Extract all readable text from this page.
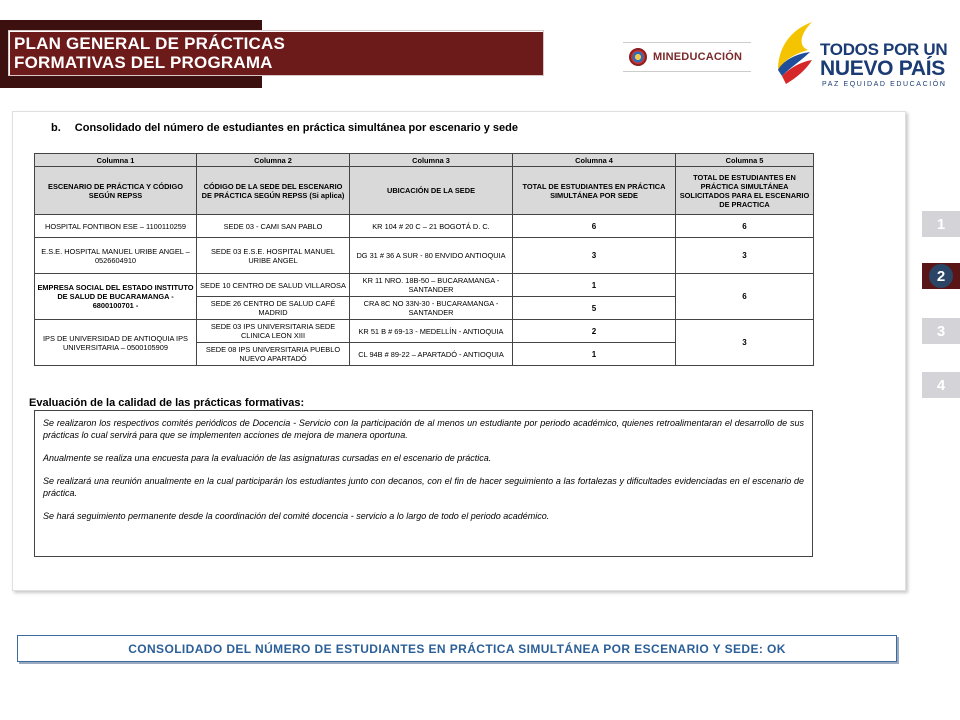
PLAN GENERAL DE PRÁCTICAS
FORMATIVAS DEL PROGRAMA	MINEDUCACIÓN	TODOS POR UN
NUEVO PAÍS
PAZ EQUIDAD EDUCACIÓN
b. Consolidado del número de estudiantes en práctica simultánea por escenario y sede
Columna 1	Columna 2	Columna 3	Columna 4	Columna 5
ESCENARIO DE PRÁCTICA Y CÓDIGO SEGÚN REPSS	CÓDIGO DE LA SEDE DEL ESCENARIO DE PRÁCTICA SEGÚN REPSS (Si aplica)	UBICACIÓN DE LA SEDE	TOTAL DE ESTUDIANTES EN PRÁCTICA SIMULTÁNEA POR SEDE	TOTAL DE ESTUDIANTES EN PRÁCTICA SIMULTÁNEA SOLICITADOS PARA EL ESCENARIO DE PRACTICA
HOSPITAL FONTIBON ESE – 1100110259	SEDE 03 - CAMI SAN PABLO	KR 104 # 20 C – 21 BOGOTÁ D. C.	6	6
E.S.E. HOSPITAL MANUEL URIBE ANGEL – 0526604910	SEDE 03 E.S.E. HOSPITAL MANUEL URIBE ANGEL	DG 31 # 36 A SUR - 80 ENVIDO ANTIOQUIA	3	3
EMPRESA SOCIAL DEL ESTADO INSTITUTO DE SALUD DE BUCARAMANGA - 6800100701 -	SEDE 10 CENTRO DE SALUD VILLAROSA	KR 11 NRO. 18B-50 – BUCARAMANGA - SANTANDER	1	6
	SEDE 26 CENTRO DE SALUD CAFÉ MADRID	CRA 8C NO 33N-30 - BUCARAMANGA - SANTANDER	5	
IPS DE UNIVERSIDAD DE ANTIOQUIA IPS UNIVERSITARIA – 0500105909	SEDE 03 IPS UNIVERSITARIA SEDE CLINICA LEON XIII	KR 51 B # 69-13 - MEDELLÍN - ANTIOQUIA	2	3
	SEDE 08 IPS UNIVERSITARIA PUEBLO NUEVO APARTADÓ	CL 94B # 89-22 – APARTADÓ - ANTIOQUIA	1	
Evaluación de la calidad de las prácticas formativas:

Se realizaron los respectivos comités periódicos de Docencia - Servicio con la participación de al menos un estudiante por periodo académico, quienes retroalimentaran el desarrollo de sus prácticas lo cual servirá para que se implementen acciones de mejora de manera oportuna.

Anualmente se realiza una encuesta para la evaluación de las asignaturas cursadas en el escenario de práctica.

Se realizará una reunión anualmente en la cual participarán los estudiantes junto con decanos, con el fin de hacer seguimiento a las fortalezas y dificultades evidenciadas en el escenario de práctica.

Se hará seguimiento permanente desde la coordinación del comité docencia - servicio a lo largo de todo el periodo académico.

1
2
3
4
CONSOLIDADO DEL NÚMERO DE ESTUDIANTES EN PRÁCTICA SIMULTÁNEA POR ESCENARIO Y SEDE: OK
